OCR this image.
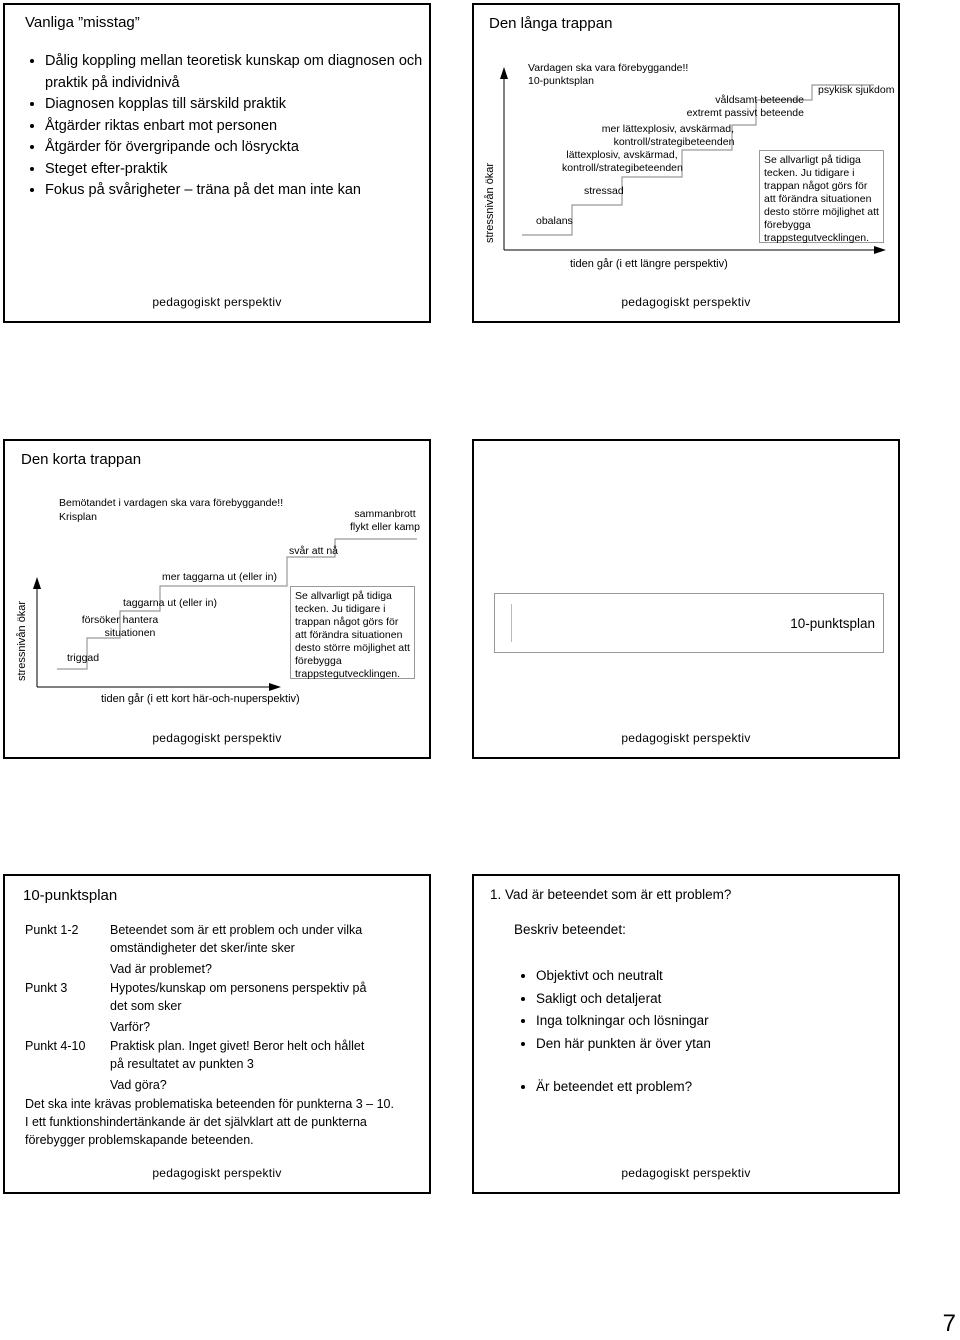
Vanliga ”misstag”
• Dålig koppling mellan teoretisk kunskap om diagnosen och praktik på individnivå
• Diagnosen kopplas till särskild praktik
• Åtgärder riktas enbart mot personen
• Åtgärder för övergripande och lösryckta
• Steget efter-praktik
• Fokus på svårigheter – träna på det man inte kan
pedagogiskt perspektiv
Den långa trappan
stressnivån ökar
Vardagen ska vara förebyggande!!
10-punktsplan
obalans
stressad
lättexplosiv, avskärmad,
kontroll/strategibeteenden
mer lättexplosiv, avskärmad,
kontroll/strategibeteenden
extremt passivt beteende
våldsamt beteende
psykisk sjukdom
Se allvarligt på tidiga tecken. Ju tidigare i trappan något görs för att förändra situationen desto större möjlighet att förebygga trappstegutvecklingen.
tiden går (i ett längre perspektiv)
pedagogiskt perspektiv
Den korta trappan
stressnivån ökar
Bemötandet i vardagen ska vara förebyggande!!
Krisplan
triggad
försöker hantera
situationen
taggarna ut (eller in)
mer taggarna ut (eller in)
svår att nå
sammanbrott
flykt eller kamp
Se allvarligt på tidiga tecken. Ju tidigare i trappan något görs för att förändra situationen desto större möjlighet att förebygga trappstegutvecklingen.
tiden går (i ett kort här-och-nuperspektiv)
pedagogiskt perspektiv
10-punktsplan
pedagogiskt perspektiv
10-punktsplan
Punkt 1-2	Beteendet som är ett problem och under vilka
omständigheter det sker/inte sker
Vad är problemet?
Punkt 3	Hypotes/kunskap om personens perspektiv på
det som sker
Varför?
Punkt 4-10 Praktisk plan. Inget givet! Beror helt och hållet
på resultatet av punkten 3
Vad göra?
Det ska inte krävas problematiska beteenden för punkterna 3 – 10.
I ett funktionshindertänkande är det självklart att de punkterna
förebygger problemskapande beteenden.
pedagogiskt perspektiv
1. Vad är beteendet som är ett problem?
Beskriv beteendet:
• Objektivt och neutralt
• Sakligt och detaljerat
• Inga tolkningar och lösningar
• Den här punkten är över ytan
• Är beteendet ett problem?
pedagogiskt perspektiv
7
